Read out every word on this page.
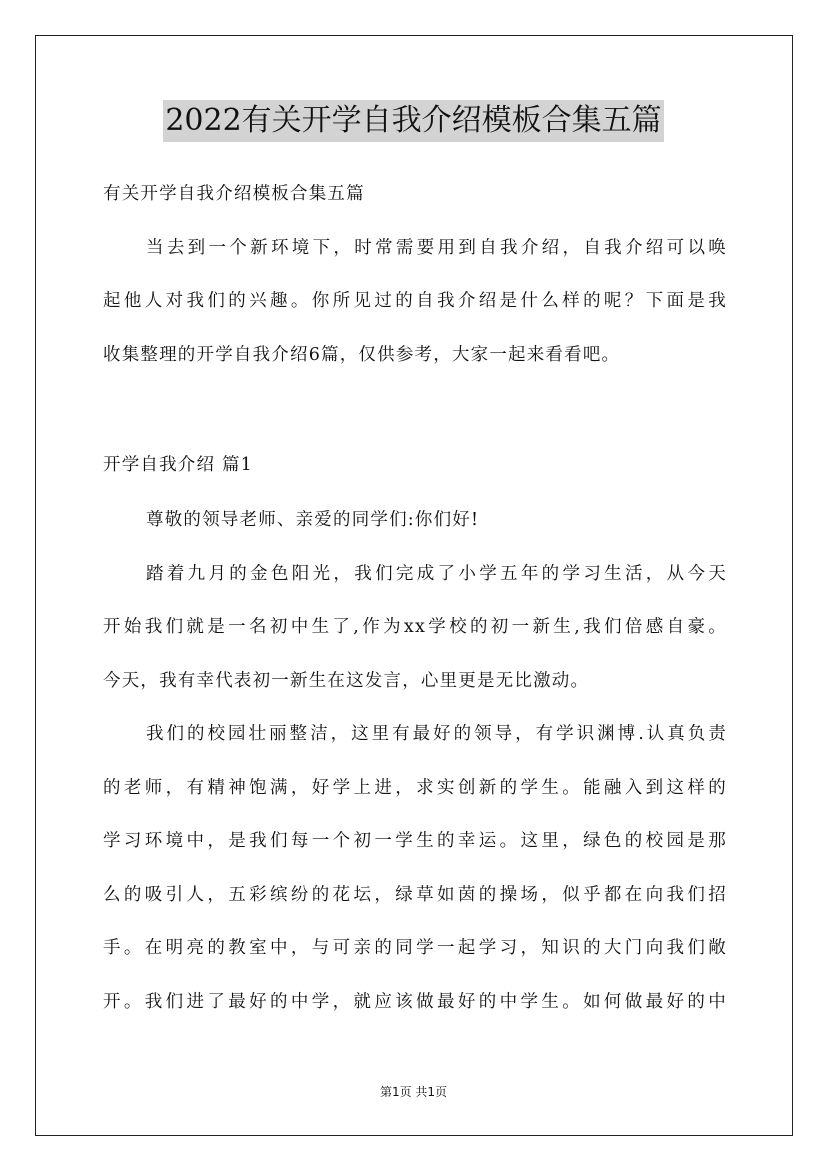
2022有关开学自我介绍模板合集五篇
有关开学自我介绍模板合集五篇
当去到一个新环境下，时常需要用到自我介绍，自我介绍可以唤
起他人对我们的兴趣。你所见过的自我介绍是什么样的呢？下面是我
收集整理的开学自我介绍6篇，仅供参考，大家一起来看看吧。
开学自我介绍 篇1
尊敬的领导老师、亲爱的同学们:你们好!
踏着九月的金色阳光，我们完成了小学五年的学习生活，从今天
开始我们就是一名初中生了,作为xx学校的初一新生,我们倍感自豪。
今天，我有幸代表初一新生在这发言，心里更是无比激动。
我们的校园壮丽整洁，这里有最好的领导，有学识渊博.认真负责
的老师，有精神饱满，好学上进，求实创新的学生。能融入到这样的
学习环境中，是我们每一个初一学生的幸运。这里，绿色的校园是那
么的吸引人，五彩缤纷的花坛，绿草如茵的操场，似乎都在向我们招
手。在明亮的教室中，与可亲的同学一起学习，知识的大门向我们敞
开。我们进了最好的中学，就应该做最好的中学生。如何做最好的中
第1页 共1页
